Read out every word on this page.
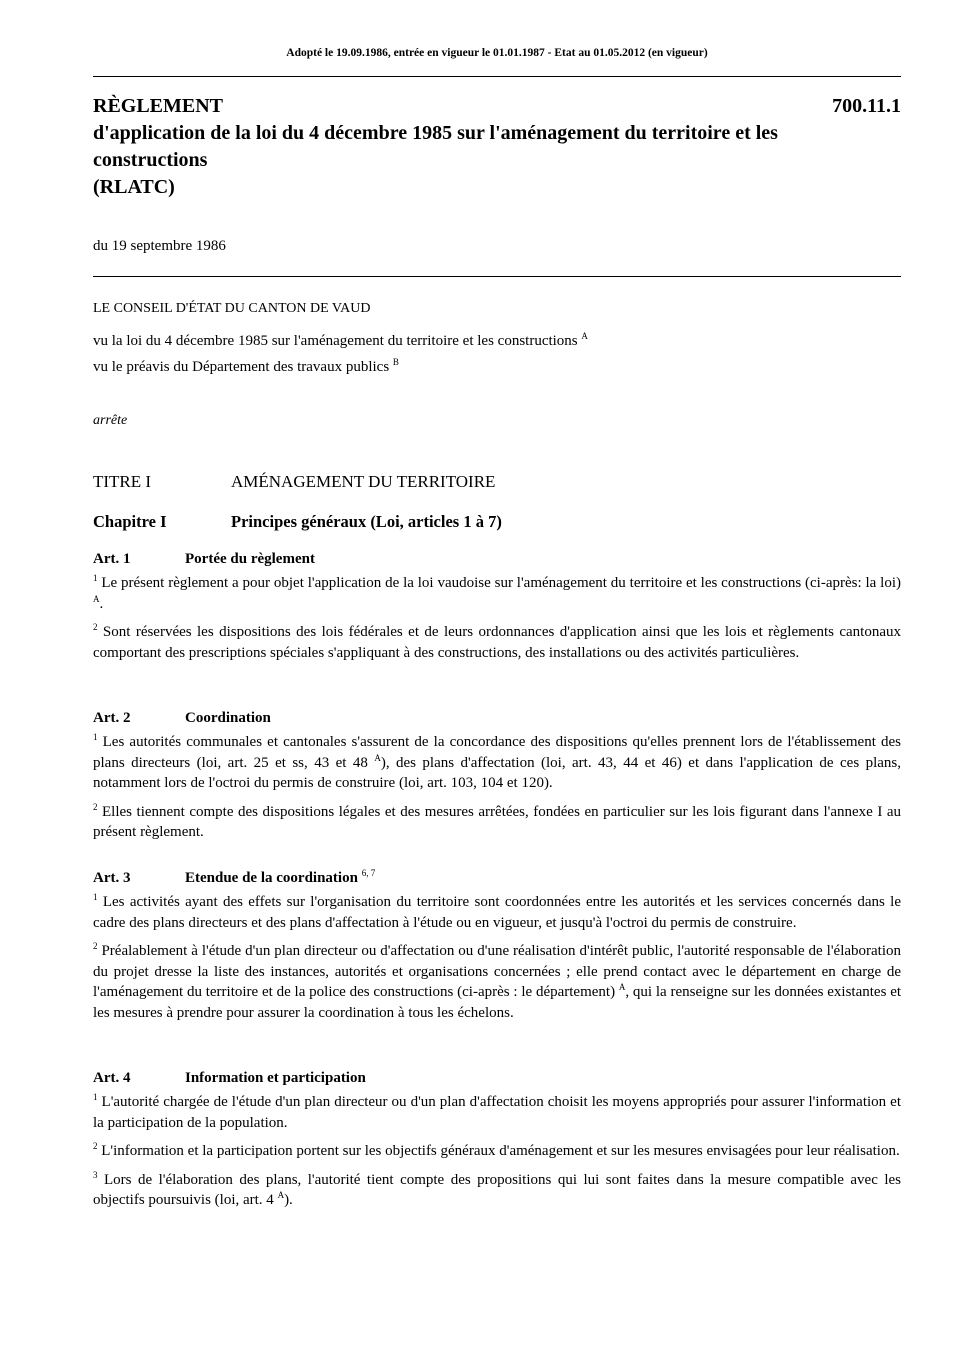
Adopté le 19.09.1986, entrée en vigueur le 01.01.1987 - Etat au 01.05.2012 (en vigueur)
RÈGLEMENT	700.11.1
d'application de la loi du 4 décembre 1985 sur l'aménagement du territoire et les constructions
(RLATC)
du 19 septembre 1986
LE CONSEIL D'ÉTAT DU CANTON DE VAUD
vu la loi du 4 décembre 1985 sur l'aménagement du territoire et les constructions $^A$
vu le préavis du Département des travaux publics $^B$
arrête
TITRE I	AMÉNAGEMENT DU TERRITOIRE
Chapitre I	Principes généraux (Loi, articles 1 à 7)
Art. 1	Portée du règlement

$^1$ Le présent règlement a pour objet l'application de la loi vaudoise sur l'aménagement du territoire et les constructions (ci-après: la loi) $^A$.

$^2$ Sont réservées les dispositions des lois fédérales et de leurs ordonnances d'application ainsi que les lois et règlements cantonaux comportant des prescriptions spéciales s'appliquant à des constructions, des installations ou des activités particulières.

Art. 2	Coordination

$^1$ Les autorités communales et cantonales s'assurent de la concordance des dispositions qu'elles prennent lors de l'établissement des plans directeurs (loi, art. 25 et ss, 43 et 48 $^A$), des plans d'affectation (loi, art. 43, 44 et 46) et dans l'application de ces plans, notamment lors de l'octroi du permis de construire (loi, art. 103, 104 et 120).

$^2$ Elles tiennent compte des dispositions légales et des mesures arrêtées, fondées en particulier sur les lois figurant dans l'annexe I au présent règlement.

Art. 3	Etendue de la coordination $^{6, 7}$

$^1$ Les activités ayant des effets sur l'organisation du territoire sont coordonnées entre les autorités et les services concernés dans le cadre des plans directeurs et des plans d'affectation à l'étude ou en vigueur, et jusqu'à l'octroi du permis de construire.

$^2$ Préalablement à l'étude d'un plan directeur ou d'affectation ou d'une réalisation d'intérêt public, l'autorité responsable de l'élaboration du projet dresse la liste des instances, autorités et organisations concernées ; elle prend contact avec le département en charge de l'aménagement du territoire et de la police des constructions (ci-après : le département) $^A$, qui la renseigne sur les données existantes et les mesures à prendre pour assurer la coordination à tous les échelons.

Art. 4	Information et participation

$^1$ L'autorité chargée de l'étude d'un plan directeur ou d'un plan d'affectation choisit les moyens appropriés pour assurer l'information et la participation de la population.

$^2$ L'information et la participation portent sur les objectifs généraux d'aménagement et sur les mesures envisagées pour leur réalisation.

$^3$ Lors de l'élaboration des plans, l'autorité tient compte des propositions qui lui sont faites dans la mesure compatible avec les objectifs poursuivis (loi, art. 4 $^A$).
